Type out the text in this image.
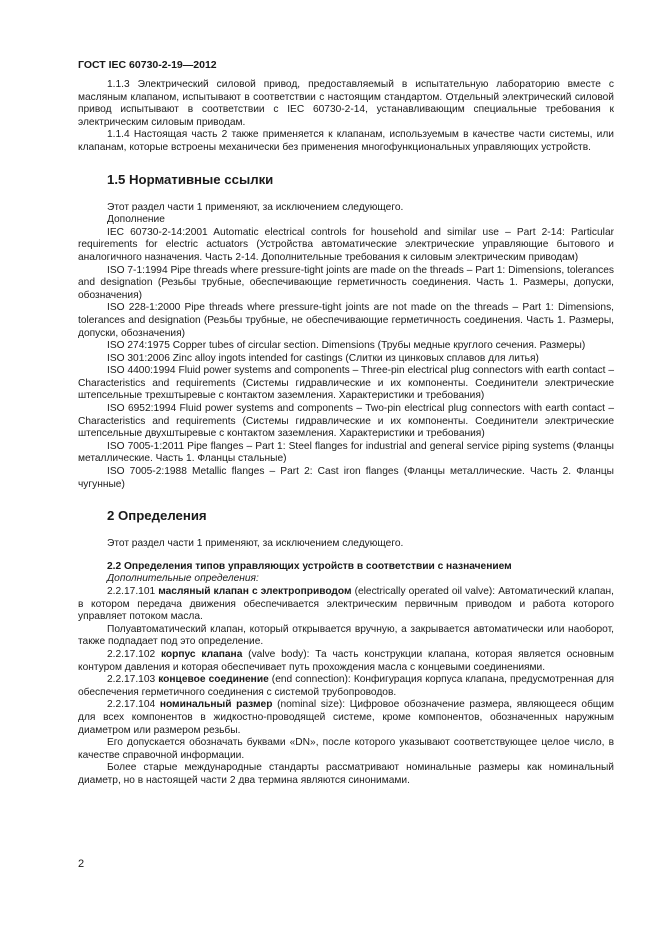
ГОСТ IEC 60730-2-19—2012

1.1.3 Электрический силовой привод, предоставляемый в испытательную лабораторию вместе с масляным клапаном, испытывают в соответствии с настоящим стандартом. Отдельный электрический силовой привод испытывают в соответствии с IEC 60730-2-14, устанавливающим специальные требования к электрическим силовым приводам.

1.1.4 Настоящая часть 2 также применяется к клапанам, используемым в качестве части системы, или клапанам, которые встроены механически без применения многофункциональных управляющих устройств.

1.5 Нормативные ссылки

Этот раздел части 1 применяют, за исключением следующего.

Дополнение

IEC 60730-2-14:2001 Automatic electrical controls for household and similar use – Part 2-14: Particular requirements for electric actuators (Устройства автоматические электрические управляющие бытового и аналогичного назначения. Часть 2-14. Дополнительные требования к силовым электрическим приводам)

ISO 7-1:1994 Pipe threads where pressure-tight joints are made on the threads – Part 1: Dimensions, tolerances and designation (Резьбы трубные, обеспечивающие герметичность соединения. Часть 1. Размеры, допуски, обозначения)

ISO 228-1:2000 Pipe threads where pressure-tight joints are not made on the threads – Part 1: Dimensions, tolerances and designation (Резьбы трубные, не обеспечивающие герметичность соединения. Часть 1. Размеры, допуски, обозначения)

ISO 274:1975 Copper tubes of circular section. Dimensions (Трубы медные круглого сечения. Размеры)

ISO 301:2006 Zinc alloy ingots intended for castings (Слитки из цинковых сплавов для литья)

ISO 4400:1994 Fluid power systems and components – Three-pin electrical plug connectors with earth contact – Characteristics and requirements (Системы гидравлические и их компоненты. Соединители электрические штепсельные трехштыревые с контактом заземления. Характеристики и требования)

ISO 6952:1994 Fluid power systems and components – Two-pin electrical plug connectors with earth contact – Characteristics and requirements (Системы гидравлические и их компоненты. Соединители электрические штепсельные двухштыревые с контактом заземления. Характеристики и требования)

ISO 7005-1:2011 Pipe flanges – Part 1: Steel flanges for industrial and general service piping systems (Фланцы металлические. Часть 1. Фланцы стальные)

ISO 7005-2:1988 Metallic flanges – Part 2: Cast iron flanges (Фланцы металлические. Часть 2. Фланцы чугунные)

2 Определения

Этот раздел части 1 применяют, за исключением следующего.

2.2 Определения типов управляющих устройств в соответствии с назначением

Дополнительные определения:

2.2.17.101 масляный клапан с электроприводом (electrically operated oil valve): Автоматический клапан, в котором передача движения обеспечивается электрическим первичным приводом и работа которого управляет потоком масла.

Полуавтоматический клапан, который открывается вручную, а закрывается автоматически или наоборот, также подпадает под это определение.

2.2.17.102 корпус клапана (valve body): Та часть конструкции клапана, которая является основным контуром давления и которая обеспечивает путь прохождения масла с концевыми соединениями.

2.2.17.103 концевое соединение (end connection): Конфигурация корпуса клапана, предусмотренная для обеспечения герметичного соединения с системой трубопроводов.

2.2.17.104 номинальный размер (nominal size): Цифровое обозначение размера, являющееся общим для всех компонентов в жидкостно-проводящей системе, кроме компонентов, обозначенных наружным диаметром или размером резьбы.

Его допускается обозначать буквами «DN», после которого указывают соответствующее целое число, в качестве справочной информации.

Более старые международные стандарты рассматривают номинальные размеры как номинальный диаметр, но в настоящей части 2 два термина являются синонимами.

2
